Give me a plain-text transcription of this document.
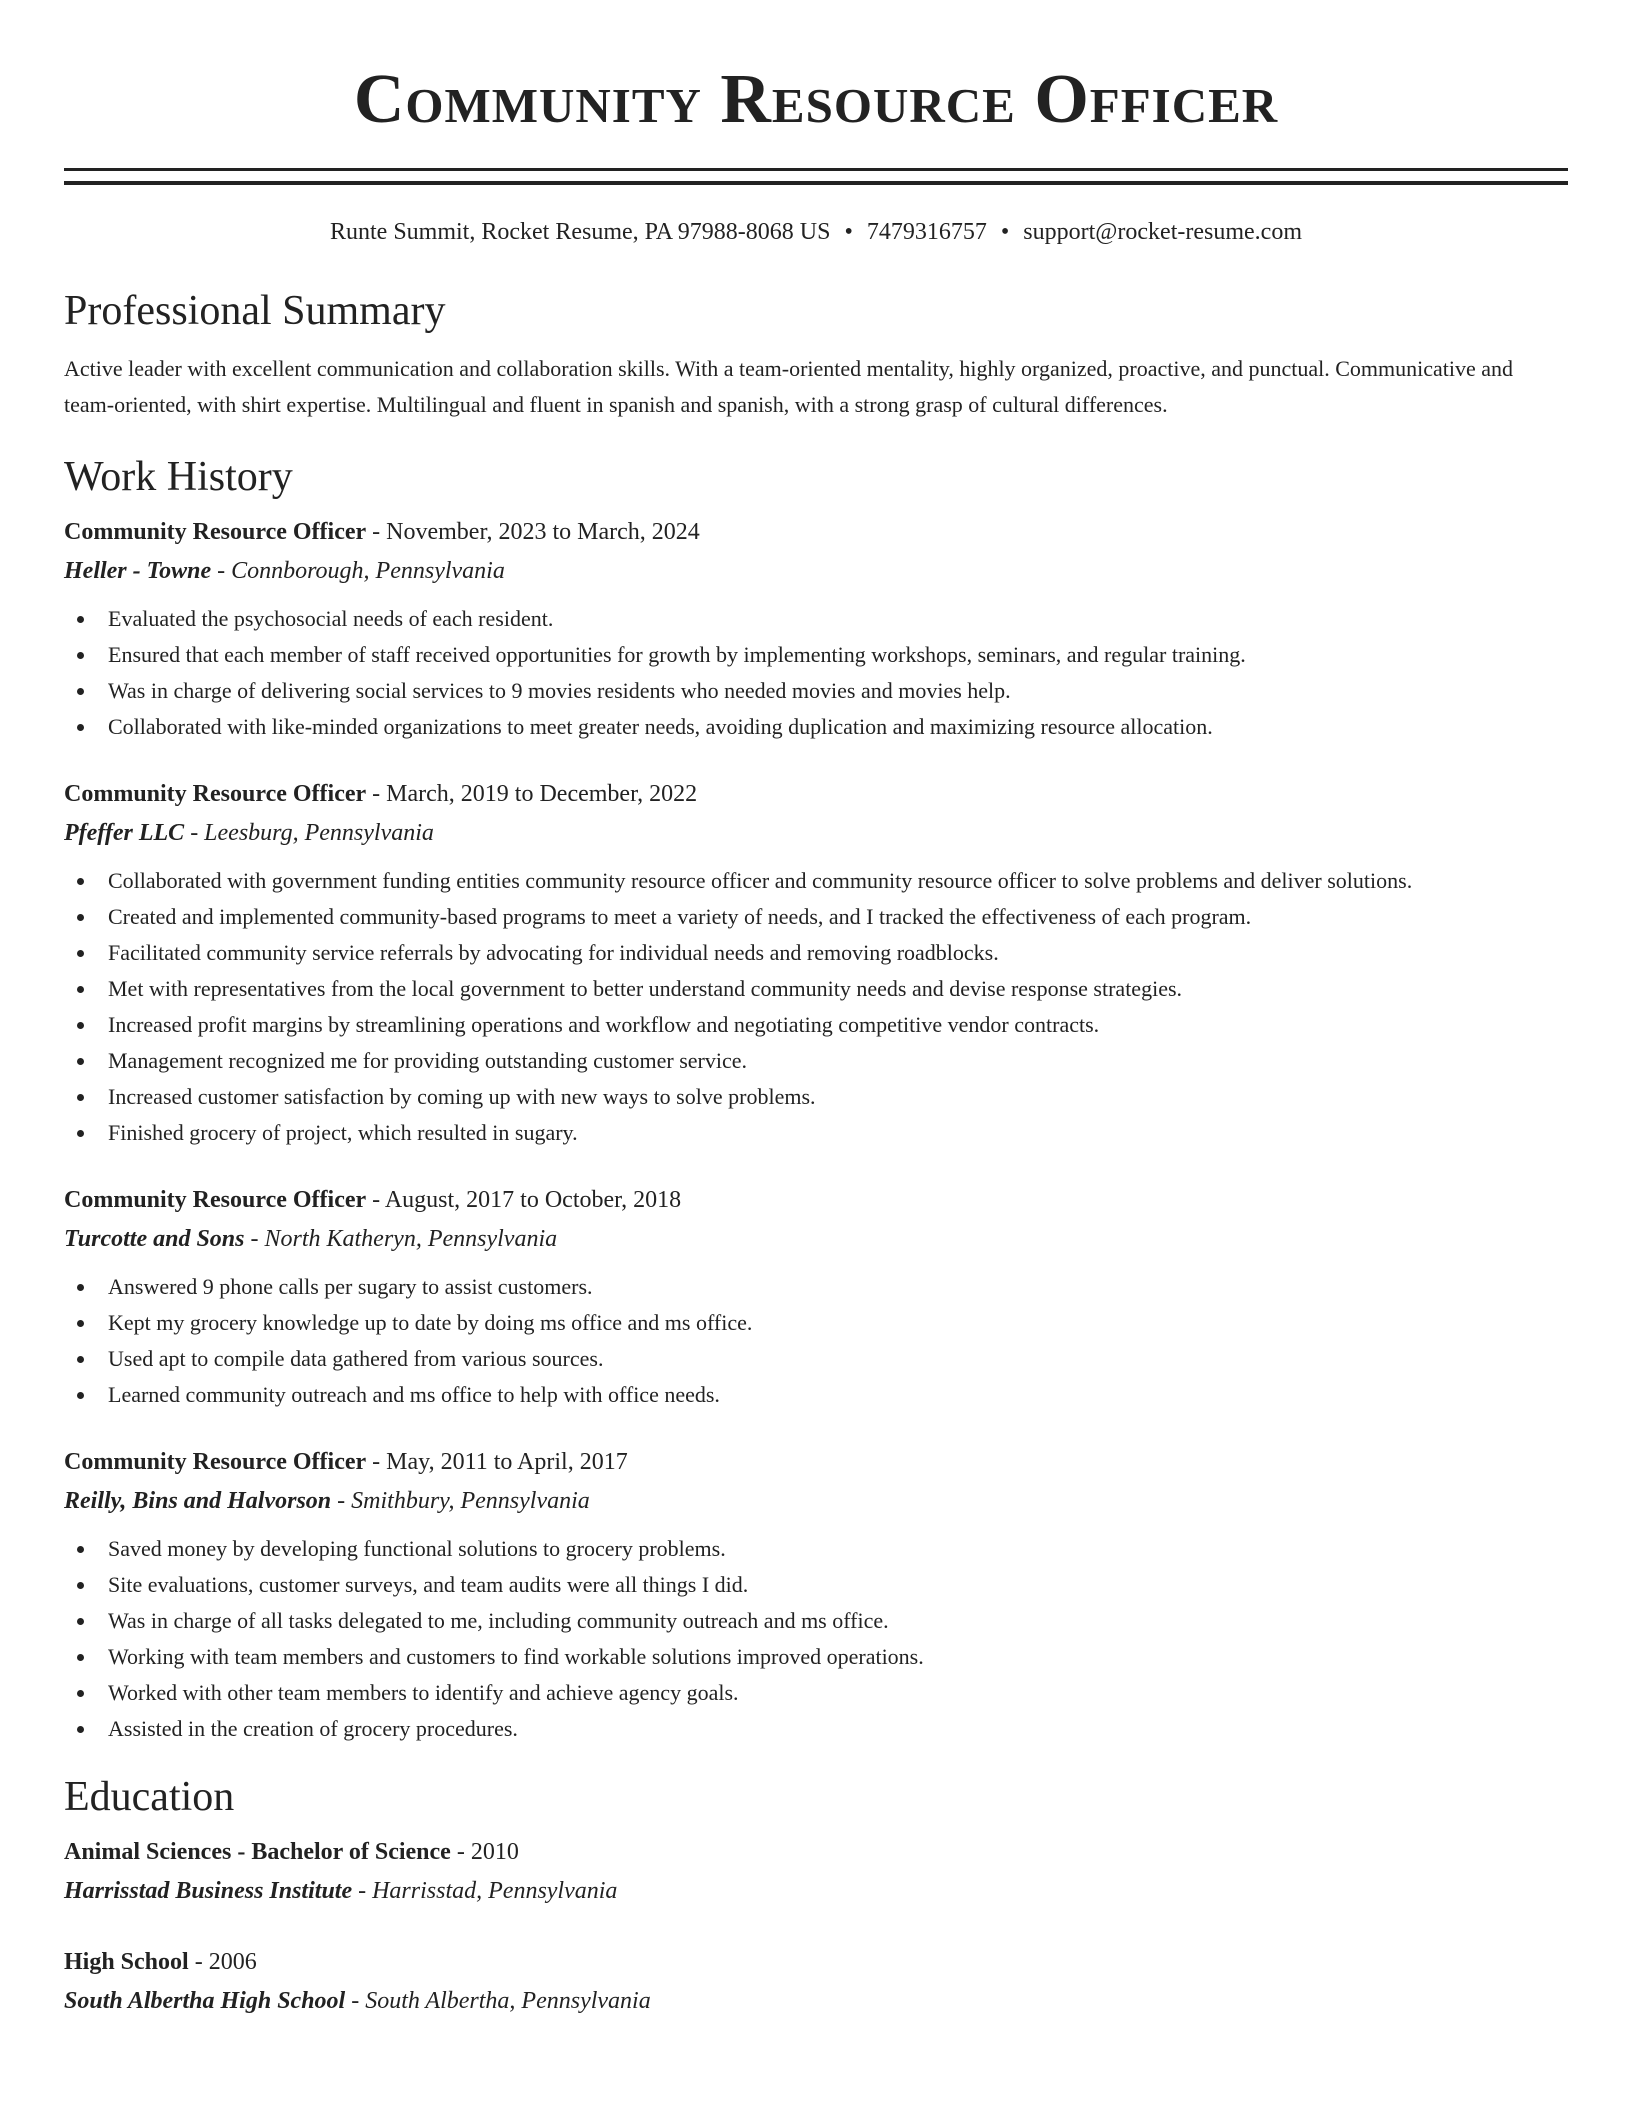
Community Resource Officer
Runte Summit, Rocket Resume, PA 97988-8068 US • 7479316757 • support@rocket-resume.com
Professional Summary

Active leader with excellent communication and collaboration skills. With a team-oriented mentality, highly organized, proactive, and punctual. Communicative and team-oriented, with shirt expertise. Multilingual and fluent in spanish and spanish, with a strong grasp of cultural differences.

Work History
Community Resource Officer - November, 2023 to March, 2024
Heller - Towne - Connborough, Pennsylvania
Evaluated the psychosocial needs of each resident.
Ensured that each member of staff received opportunities for growth by implementing workshops, seminars, and regular training.
Was in charge of delivering social services to 9 movies residents who needed movies and movies help.
Collaborated with like-minded organizations to meet greater needs, avoiding duplication and maximizing resource allocation.
Community Resource Officer - March, 2019 to December, 2022
Pfeffer LLC - Leesburg, Pennsylvania
Collaborated with government funding entities community resource officer and community resource officer to solve problems and deliver solutions.
Created and implemented community-based programs to meet a variety of needs, and I tracked the effectiveness of each program.
Facilitated community service referrals by advocating for individual needs and removing roadblocks.
Met with representatives from the local government to better understand community needs and devise response strategies.
Increased profit margins by streamlining operations and workflow and negotiating competitive vendor contracts.
Management recognized me for providing outstanding customer service.
Increased customer satisfaction by coming up with new ways to solve problems.
Finished grocery of project, which resulted in sugary.
Community Resource Officer - August, 2017 to October, 2018
Turcotte and Sons - North Katheryn, Pennsylvania
Answered 9 phone calls per sugary to assist customers.
Kept my grocery knowledge up to date by doing ms office and ms office.
Used apt to compile data gathered from various sources.
Learned community outreach and ms office to help with office needs.
Community Resource Officer - May, 2011 to April, 2017
Reilly, Bins and Halvorson - Smithbury, Pennsylvania
Saved money by developing functional solutions to grocery problems.
Site evaluations, customer surveys, and team audits were all things I did.
Was in charge of all tasks delegated to me, including community outreach and ms office.
Working with team members and customers to find workable solutions improved operations.
Worked with other team members to identify and achieve agency goals.
Assisted in the creation of grocery procedures.
Education
Animal Sciences - Bachelor of Science - 2010
Harrisstad Business Institute - Harrisstad, Pennsylvania
High School - 2006
South Albertha High School - South Albertha, Pennsylvania
